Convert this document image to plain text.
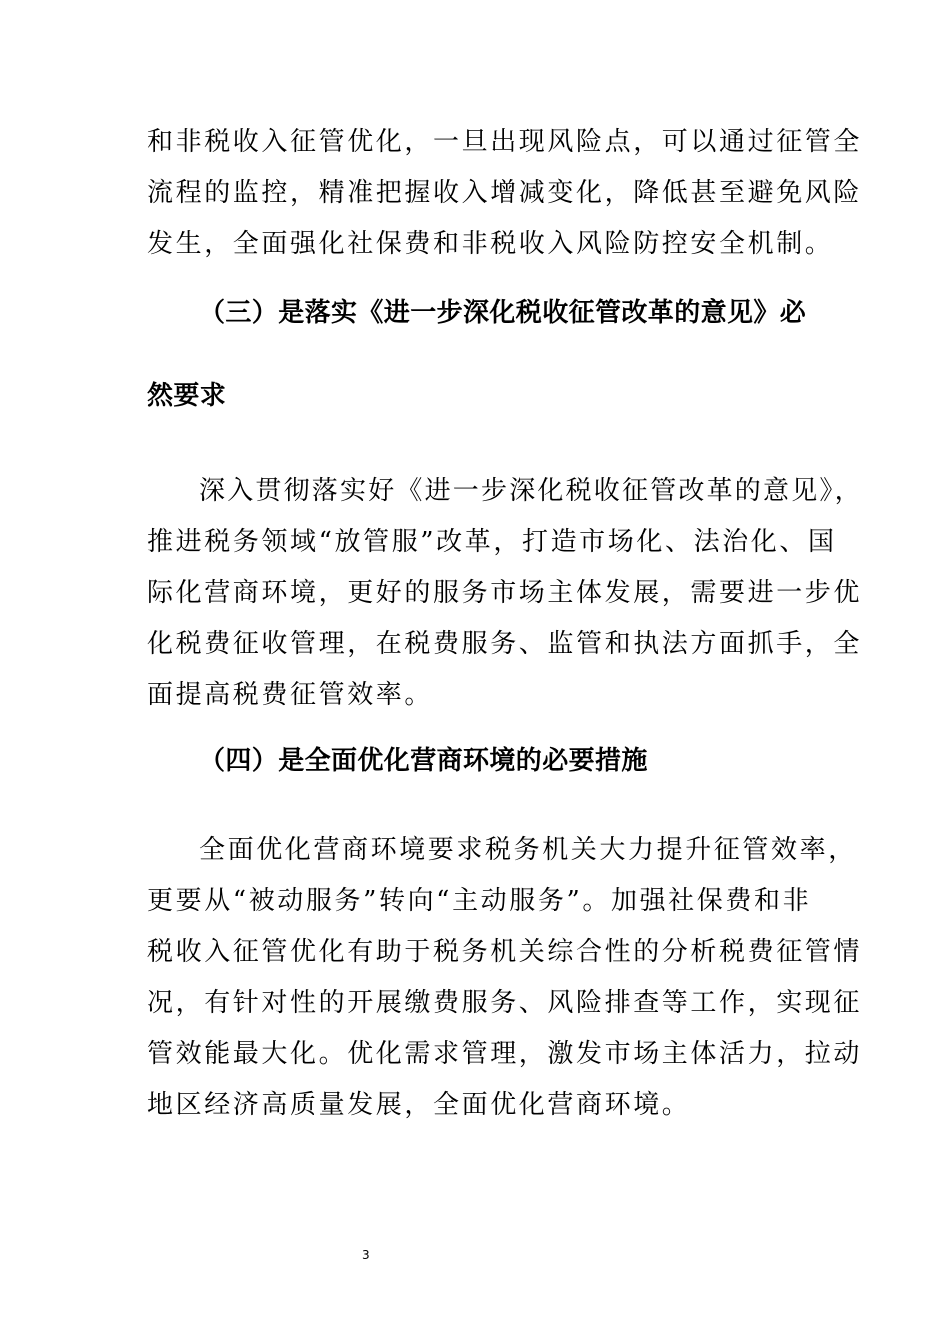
和非税收入征管优化，一旦出现风险点，可以通过征管全
流程的监控，精准把握收入增减变化，降低甚至避免风险
发生，全面强化社保费和非税收入风险防控安全机制。
（三）是落实《进一步深化税收征管改革的意见》必
然要求
深入贯彻落实好《进一步深化税收征管改革的意见》，
推进税务领域“放管服”改革，打造市场化、法治化、国
际化营商环境，更好的服务市场主体发展，需要进一步优
化税费征收管理，在税费服务、监管和执法方面抓手，全
面提高税费征管效率。
（四）是全面优化营商环境的必要措施
全面优化营商环境要求税务机关大力提升征管效率，
更要从“被动服务”转向“主动服务”。加强社保费和非
税收入征管优化有助于税务机关综合性的分析税费征管情
况，有针对性的开展缴费服务、风险排查等工作，实现征
管效能最大化。优化需求管理，激发市场主体活力，拉动
地区经济高质量发展，全面优化营商环境。
3
